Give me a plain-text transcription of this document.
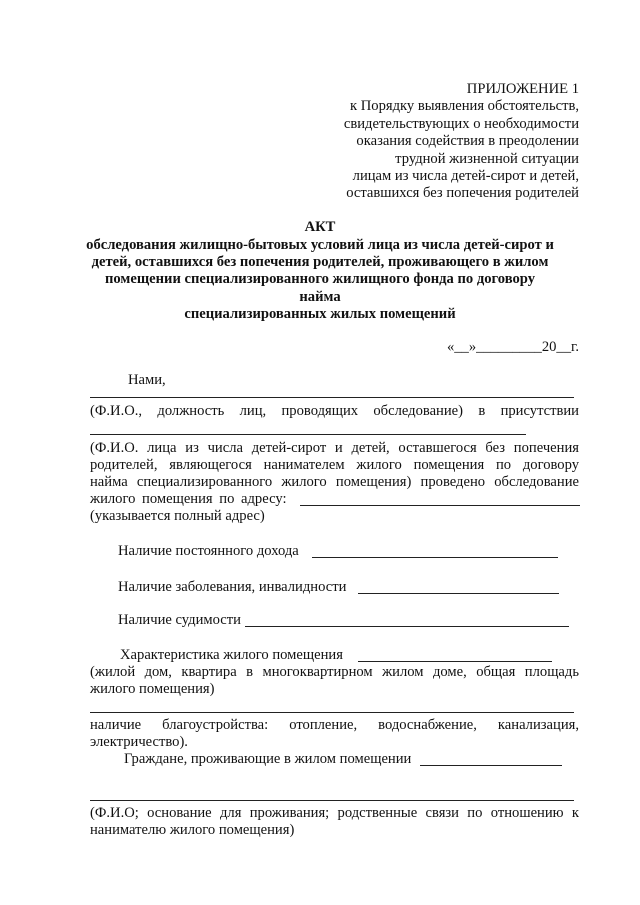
ПРИЛОЖЕНИЕ 1
к Порядку выявления обстоятельств,
свидетельствующих о необходимости
оказания содействия в преодолении
трудной жизненной ситуации
лицам из числа детей-сирот и детей,
оставшихся без попечения родителей
АКТ
обследования жилищно-бытовых условий лица из числа детей-сирот и
детей, оставшихся без попечения родителей, проживающего в жилом
помещении специализированного жилищного фонда по договору
найма
специализированных жилых помещений
«__»_________20__г.
Нами,
(Ф.И.О., должность лиц, проводящих обследование) в присутствии
(Ф.И.О. лица из числа детей-сирот и детей, оставшегося без попечения
родителей, являющегося нанимателем жилого помещения по договору
найма специализированного жилого помещения) проведено обследование
жилого помещения по адресу:
(указывается полный адрес)
Наличие постоянного дохода
Наличие заболевания, инвалидности
Наличие судимости
Характеристика жилого помещения
(жилой дом, квартира в многоквартирном жилом доме, общая площадь
жилого помещения)
наличие благоустройства: отопление, водоснабжение, канализация,
электричество).
Граждане, проживающие в жилом помещении
(Ф.И.О; основание для проживания; родственные связи по отношению к
нанимателю жилого помещения)
